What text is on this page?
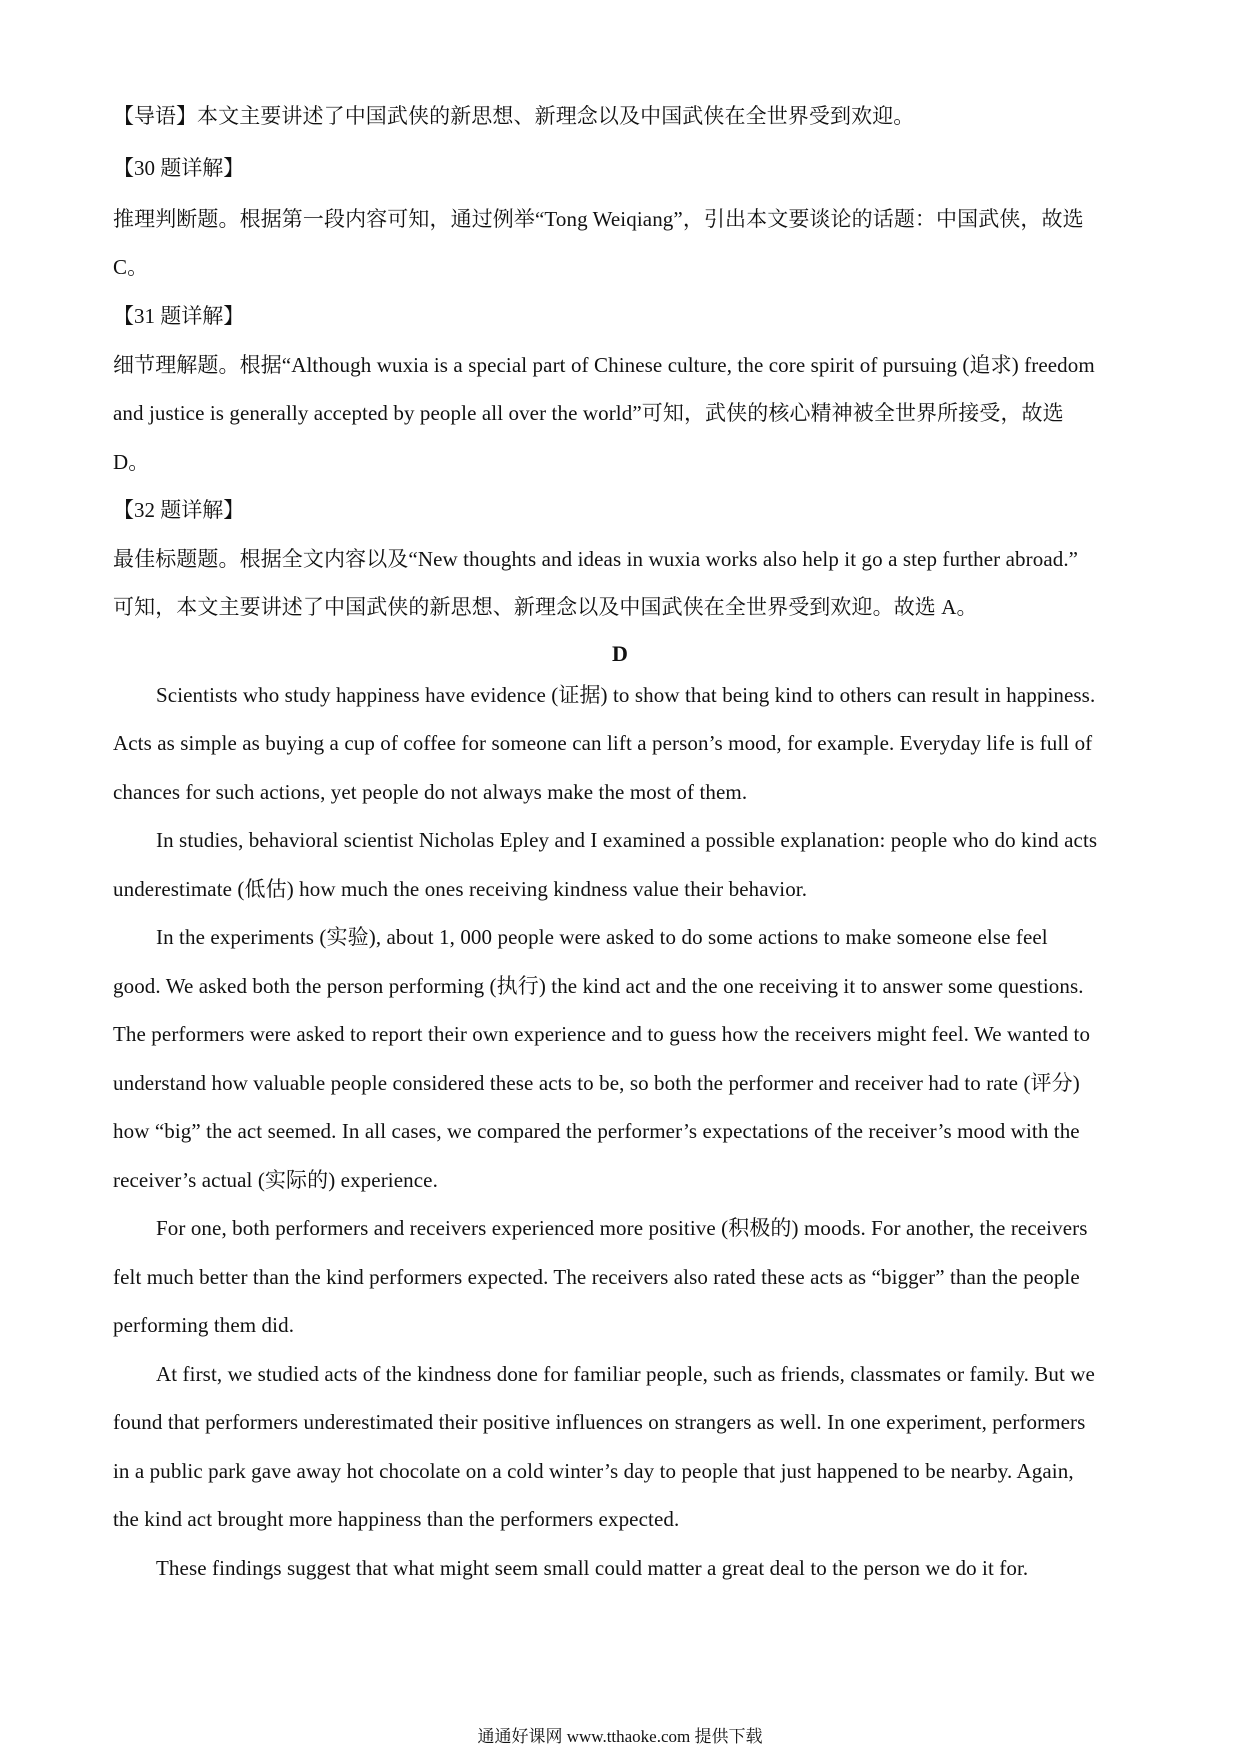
【导语】本文主要讲述了中国武侠的新思想、新理念以及中国武侠在全世界受到欢迎。
【30 题详解】
推理判断题。根据第一段内容可知，通过例举“Tong Weiqiang”，引出本文要谈论的话题：中国武侠，故选
C。
【31 题详解】
细节理解题。根据“Although wuxia is a special part of Chinese culture, the core spirit of pursuing (追求) freedom
and justice is generally accepted by people all over the world”可知，武侠的核心精神被全世界所接受，故选
D。
【32 题详解】
最佳标题题。根据全文内容以及“New thoughts and ideas in wuxia works also help it go a step further abroad.”
可知，本文主要讲述了中国武侠的新思想、新理念以及中国武侠在全世界受到欢迎。故选 A。
D
Scientists who study happiness have evidence (证据) to show that being kind to others can result in happiness.
Acts as simple as buying a cup of coffee for someone can lift a person’s mood, for example. Everyday life is full of
chances for such actions, yet people do not always make the most of them.
In studies, behavioral scientist Nicholas Epley and I examined a possible explanation: people who do kind acts
underestimate (低估) how much the ones receiving kindness value their behavior.
In the experiments (实验), about 1, 000 people were asked to do some actions to make someone else feel
good. We asked both the person performing (执行) the kind act and the one receiving it to answer some questions.
The performers were asked to report their own experience and to guess how the receivers might feel. We wanted to
understand how valuable people considered these acts to be, so both the performer and receiver had to rate (评分)
how “big” the act seemed. In all cases, we compared the performer’s expectations of the receiver’s mood with the
receiver’s actual (实际的) experience.
For one, both performers and receivers experienced more positive (积极的) moods. For another, the receivers
felt much better than the kind performers expected. The receivers also rated these acts as “bigger” than the people
performing them did.
At first, we studied acts of the kindness done for familiar people, such as friends, classmates or family. But we
found that performers underestimated their positive influences on strangers as well. In one experiment, performers
in a public park gave away hot chocolate on a cold winter’s day to people that just happened to be nearby. Again,
the kind act brought more happiness than the performers expected.
These findings suggest that what might seem small could matter a great deal to the person we do it for.
通通好课网 www.tthaoke.com 提供下载
